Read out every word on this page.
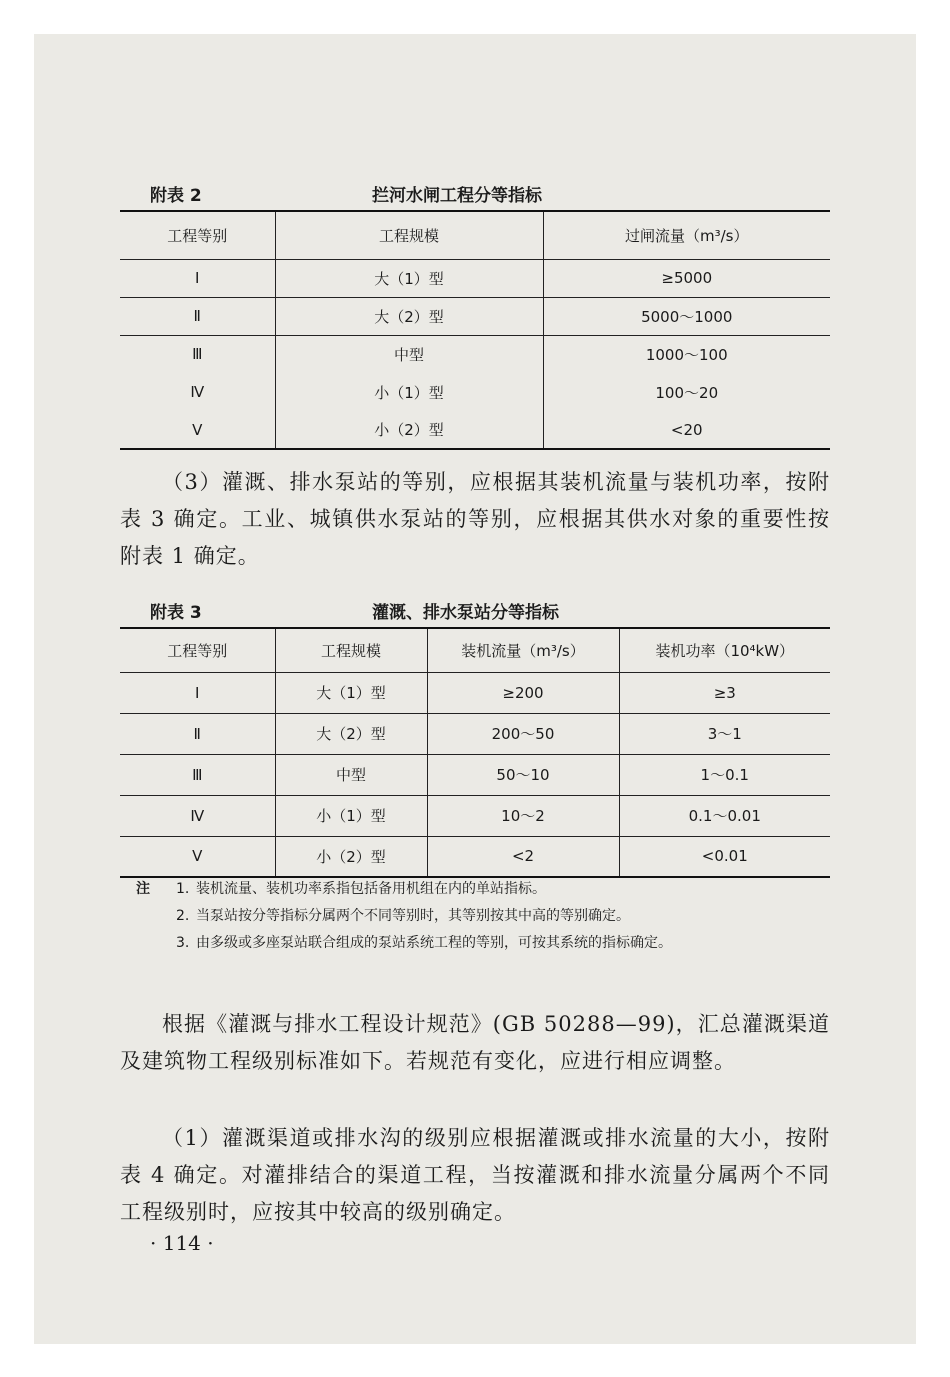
附表 2	拦河水闸工程分等指标
工程等别	工程规模	过闸流量（m³/s）
Ⅰ	大（1）型	≥5000
Ⅱ	大（2）型	5000～1000
Ⅲ	中型	1000～100
Ⅳ	小（1）型	100～20
Ⅴ	小（2）型	<20

（3）灌溉、排水泵站的等别，应根据其装机流量与装机功率，按附表 3 确定。工业、城镇供水泵站的等别，应根据其供水对象的重要性按附表 1 确定。

附表 3	灌溉、排水泵站分等指标
工程等别	工程规模	装机流量（m³/s）	装机功率（10⁴kW）
Ⅰ	大（1）型	≥200	≥3
Ⅱ	大（2）型	200～50	3～1
Ⅲ	中型	50～10	1～0.1
Ⅳ	小（1）型	10～2	0.1～0.01
Ⅴ	小（2）型	<2	<0.01
注 1. 装机流量、装机功率系指包括备用机组在内的单站指标。
2. 当泵站按分等指标分属两个不同等别时，其等别按其中高的等别确定。
3. 由多级或多座泵站联合组成的泵站系统工程的等别，可按其系统的指标确定。

根据《灌溉与排水工程设计规范》(GB 50288—99)，汇总灌溉渠道及建筑物工程级别标准如下。若规范有变化，应进行相应调整。

（1）灌溉渠道或排水沟的级别应根据灌溉或排水流量的大小，按附表 4 确定。对灌排结合的渠道工程，当按灌溉和排水流量分属两个不同工程级别时，应按其中较高的级别确定。

· 114 ·
